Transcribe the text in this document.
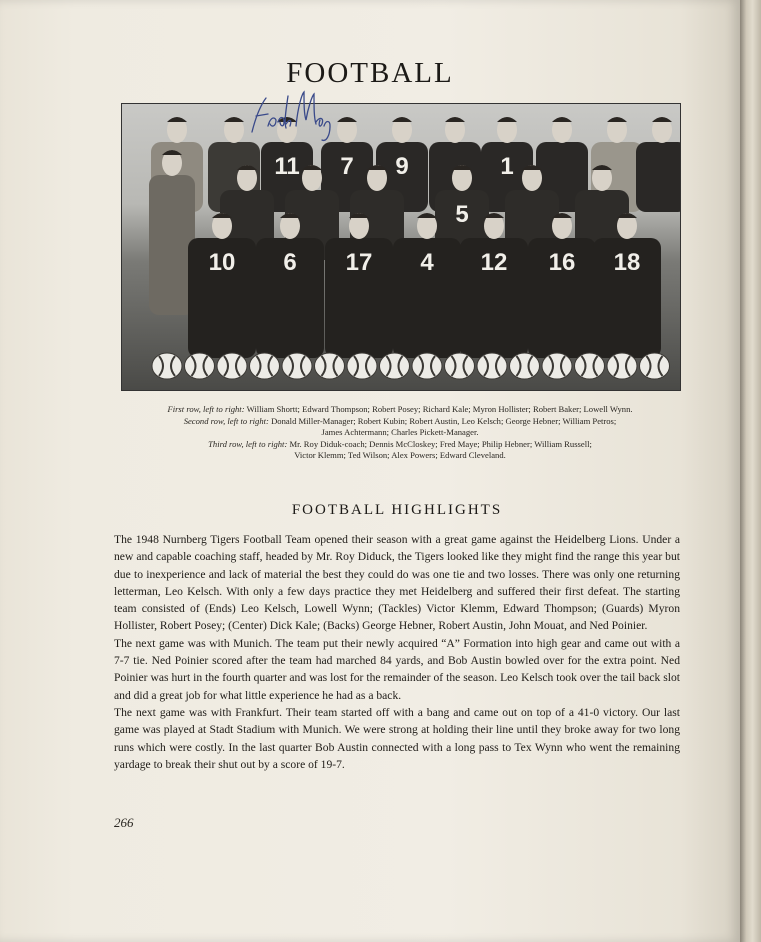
FOOTBALL
11 7 9	1
5
10 6 17 4 12 16 18
First row, left to right: William Shortt; Edward Thompson; Robert Posey; Richard Kale; Myron Hollister; Robert Baker; Lowell Wynn.
Second row, left to right: Donald Miller-Manager; Robert Kubin; Robert Austin, Leo Kelsch; George Hebner; William Petros;
James Achtermann; Charles Pickett-Manager.
Third row, left to right: Mr. Roy Diduk-coach; Dennis McCloskey; Fred Maye; Philip Hebner; William Russell;
Victor Klemm; Ted Wilson; Alex Powers; Edward Cleveland.
FOOTBALL HIGHLIGHTS

The 1948 Nurnberg Tigers Football Team opened their season with a great game against the Heidelberg Lions. Under a new and capable coaching staff, headed by Mr. Roy Diduck, the Tigers looked like they might find the range this year but due to inexperience and lack of material the best they could do was one tie and two losses. There was only one returning letterman, Leo Kelsch. With only a few days practice they met Heidelberg and suffered their first defeat. The starting team consisted of (Ends) Leo Kelsch, Lowell Wynn; (Tackles) Victor Klemm, Edward Thompson; (Guards) Myron Hollister, Robert Posey; (Center) Dick Kale; (Backs) George Hebner, Robert Austin, John Mouat, and Ned Poinier.

The next game was with Munich. The team put their newly acquired “A” Formation into high gear and came out with a 7-7 tie. Ned Poinier scored after the team had marched 84 yards, and Bob Austin bowled over for the extra point. Ned Poinier was hurt in the fourth quarter and was lost for the remainder of the season. Leo Kelsch took over the tail back slot and did a great job for what little experience he had as a back.

The next game was with Frankfurt. Their team started off with a bang and came out on top of a 41-0 victory. Our last game was played at Stadt Stadium with Munich. We were strong at holding their line until they broke away for two long runs which were costly. In the last quarter Bob Austin connected with a long pass to Tex Wynn who went the remaining yardage to break their shut out by a score of 19-7.

266
